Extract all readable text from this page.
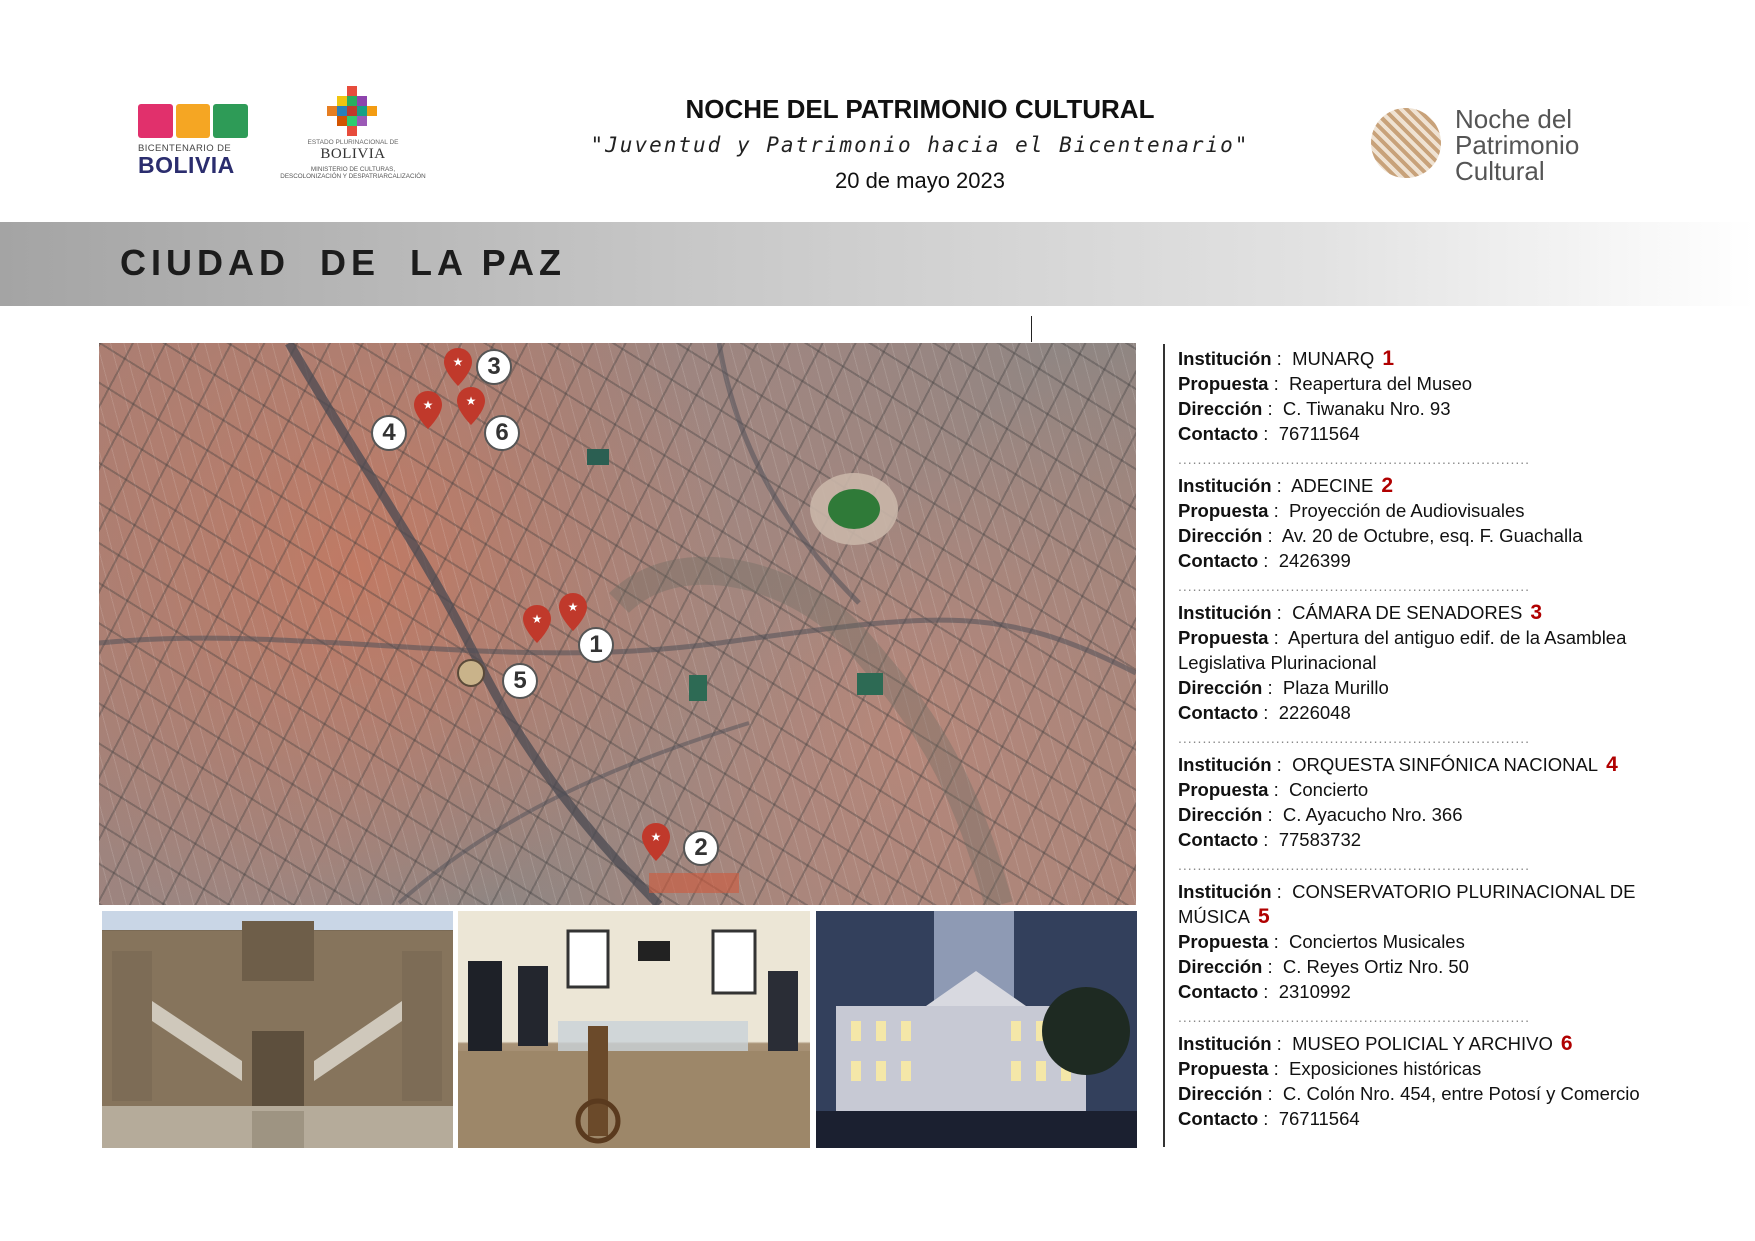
BICENTENARIO DE
BOLIVIA
ESTADO PLURINACIONAL DE
BOLIVIA
MINISTERIO DE CULTURAS,
DESCOLONIZACIÓN Y DESPATRIARCALIZACIÓN
NOCHE DEL PATRIMONIO CULTURAL
"Juventud y Patrimonio hacia el Bicentenario"
20 de mayo 2023
Noche del
Patrimonio
Cultural
CIUDAD  DE  LA PAZ
★ 3
★
4
★
6
★
5
★
1
★	2
Institución :  MUNARQ 1
Propuesta :  Reapertura del Museo
Dirección :  C. Tiwanaku Nro. 93
Contacto :  76711564
........................................................................
Institución :  ADECINE 2
Propuesta :  Proyección de Audiovisuales
Dirección :  Av. 20 de Octubre, esq. F. Guachalla
Contacto :  2426399
........................................................................
Institución :  CÁMARA DE SENADORES 3
Propuesta :  Apertura del antiguo edif. de la Asamblea Legislativa Plurinacional
Dirección :  Plaza Murillo
Contacto :  2226048
........................................................................
Institución :  ORQUESTA SINFÓNICA NACIONAL 4
Propuesta :  Concierto
Dirección :  C. Ayacucho Nro. 366
Contacto :  77583732
........................................................................
Institución :  CONSERVATORIO PLURINACIONAL DE MÚSICA 5
Propuesta :  Conciertos Musicales
Dirección :  C. Reyes Ortiz Nro. 50
Contacto :  2310992
........................................................................
Institución :  MUSEO POLICIAL Y ARCHIVO 6
Propuesta :  Exposiciones históricas
Dirección :  C. Colón Nro. 454, entre Potosí y Comercio
Contacto :  76711564
